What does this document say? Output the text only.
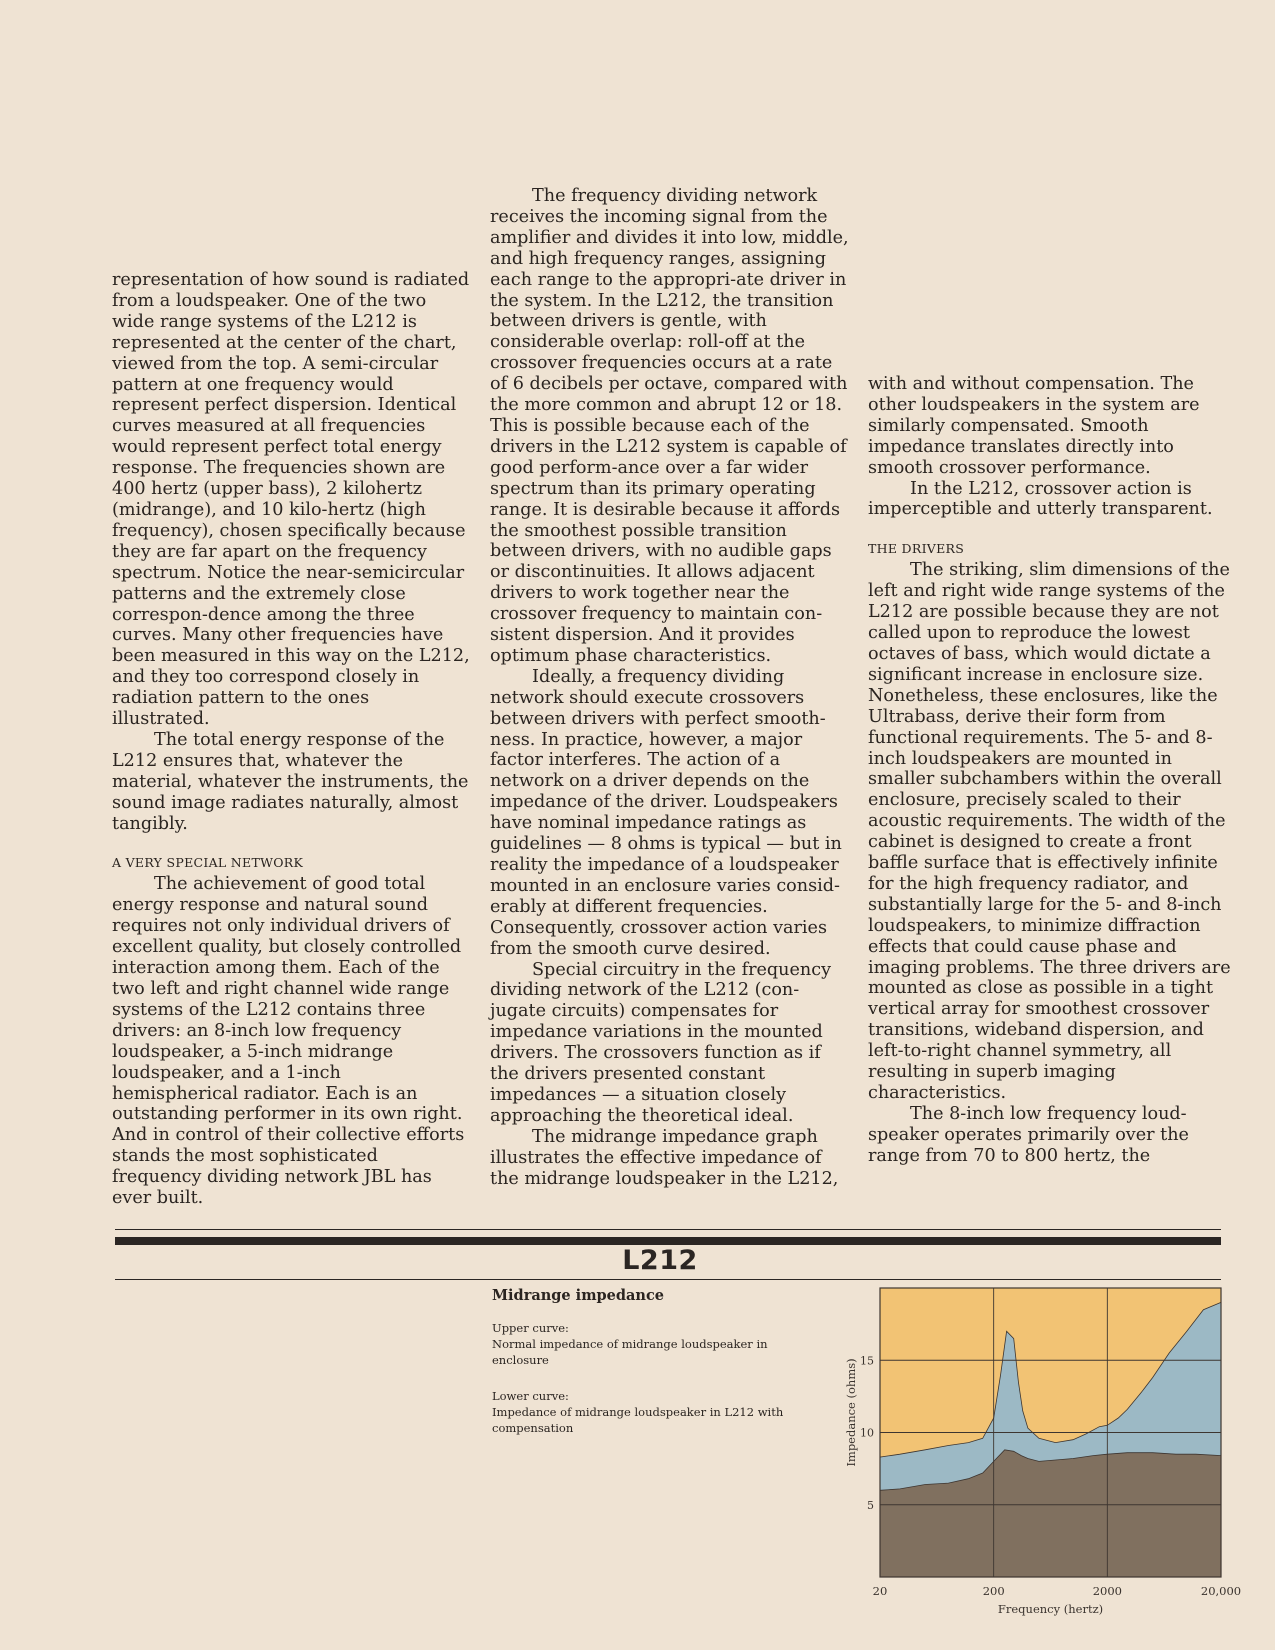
representation of how sound is radiated from a loudspeaker. One of the two wide range systems of the L212 is represented at the center of the chart, viewed from the top. A semi-circular pattern at one frequency would represent perfect dispersion. Identical curves measured at all frequencies would represent perfect total energy response. The frequencies shown are 400 hertz (upper bass), 2 kilohertz (midrange), and 10 kilo-hertz (high frequency), chosen specifically because they are far apart on the frequency spectrum. Notice the near-semicircular patterns and the extremely close correspon-dence among the three curves. Many other frequencies have been measured in this way on the L212, and they too correspond closely in radiation pattern to the ones illustrated.

The total energy response of the L212 ensures that, whatever the material, whatever the instruments, the sound image radiates naturally, almost tangibly.

A VERY SPECIAL NETWORK

The achievement of good total energy response and natural sound requires not only individual drivers of excellent quality, but closely controlled interaction among them. Each of the two left and right channel wide range systems of the L212 contains three drivers: an 8-inch low frequency loudspeaker, a 5-inch midrange loudspeaker, and a 1-inch hemispherical radiator. Each is an outstanding performer in its own right. And in control of their collective efforts stands the most sophisticated frequency dividing network JBL has ever built.

The frequency dividing network receives the incoming signal from the amplifier and divides it into low, middle, and high frequency ranges, assigning each range to the appropri-ate driver in the system. In the L212, the transition between drivers is gentle, with considerable overlap: roll-off at the crossover frequencies occurs at a rate of 6 decibels per octave, compared with the more common and abrupt 12 or 18. This is possible because each of the drivers in the L212 system is capable of good perform-ance over a far wider spectrum than its primary operating range. It is desirable because it affords the smoothest possible transition between drivers, with no audible gaps or discontinuities. It allows adjacent drivers to work together near the crossover frequency to maintain con-sistent dispersion. And it provides optimum phase characteristics.

Ideally, a frequency dividing network should execute crossovers between drivers with perfect smooth-ness. In practice, however, a major factor interferes. The action of a network on a driver depends on the impedance of the driver. Loudspeakers have nominal impedance ratings as guidelines — 8 ohms is typical — but in reality the impedance of a loudspeaker mounted in an enclosure varies consid-erably at different frequencies. Consequently, crossover action varies from the smooth curve desired.

Special circuitry in the frequency dividing network of the L212 (con-jugate circuits) compensates for impedance variations in the mounted drivers. The crossovers function as if the drivers presented constant impedances — a situation closely approaching the theoretical ideal.

The midrange impedance graph illustrates the effective impedance of the midrange loudspeaker in the L212,

with and without compensation. The other loudspeakers in the system are similarly compensated. Smooth impedance translates directly into smooth crossover performance.

In the L212, crossover action is imperceptible and utterly transparent.

THE DRIVERS

The striking, slim dimensions of the left and right wide range systems of the L212 are possible because they are not called upon to reproduce the lowest octaves of bass, which would dictate a significant increase in enclosure size. Nonetheless, these enclosures, like the Ultrabass, derive their form from functional requirements. The 5- and 8-inch loudspeakers are mounted in smaller subchambers within the overall enclosure, precisely scaled to their acoustic requirements. The width of the cabinet is designed to create a front baffle surface that is effectively infinite for the high frequency radiator, and substantially large for the 5- and 8-inch loudspeakers, to minimize diffraction effects that could cause phase and imaging problems. The three drivers are mounted as close as possible in a tight vertical array for smoothest crossover transitions, wideband dispersion, and left-to-right channel symmetry, all resulting in superb imaging characteristics.

The 8-inch low frequency loud-speaker operates primarily over the range from 70 to 800 hertz, the

L212
Midrange impedance
Upper curve:
Normal impedance of midrange loudspeaker in enclosure
Lower curve:
Impedance of midrange loudspeaker in L212 with compensation
20	200	2000	20,000
5
10
15
Frequency (hertz)
Impedance (ohms)
